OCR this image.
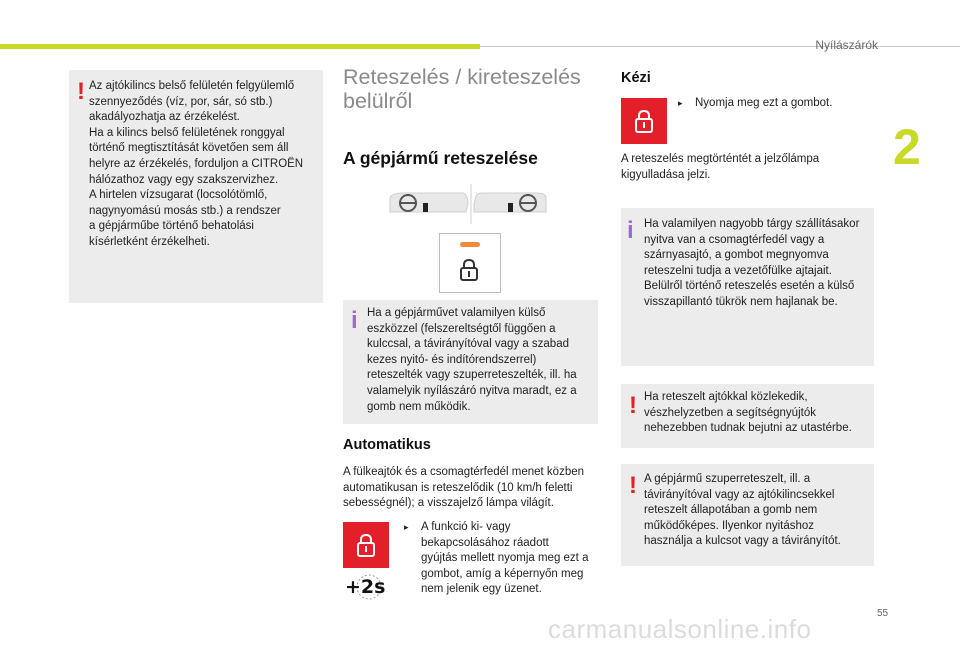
Nyílászárók
2
55
carmanualsonline.info
! Az ajtókilincs belső felületén felgyülemlő

szennyeződés (víz, por, sár, só stb.)

akadályozhatja az érzékelést.

Ha a kilincs belső felületének ronggyal

történő megtisztítását követően sem áll

helyre az érzékelés, forduljon a CITROËN

hálózathoz vagy egy szakszervizhez.

A hirtelen vízsugarat (locsolótömlő,

nagynyomású mosás stb.) a rendszer

a gépjárműbe történő behatolási

kísérletként érzékelheti.

Reteszelés / kireteszelés
belülről
A gépjármű reteszelése
i Ha a gépjárművet valamilyen külső

eszközzel (felszereltségtől függően a

kulccsal, a távirányítóval vagy a szabad

kezes nyitó- és indítórendszerrel)

reteszelték vagy szuperreteszelték, ill. ha

valamelyik nyílászáró nyitva maradt, ez a

gomb nem működik.

Automatikus
A fülkeajtók és a csomagtérfedél menet közben
automatikusan is reteszelődik (10 km/h feletti
sebességnél); a visszajelző lámpa világít.
+2s
▸ A funkció ki- vagy
bekapcsolásához ráadott
gyújtás mellett nyomja meg ezt a
gombot, amíg a képernyőn meg
nem jelenik egy üzenet.
Kézi
▸ Nyomja meg ezt a gombot.
A reteszelés megtörténtét a jelzőlámpa
kigyulladása jelzi.
i Ha valamilyen nagyobb tárgy szállításakor

nyitva van a csomagtérfedél vagy a

szárnyasajtó, a gombot megnyomva

reteszelni tudja a vezetőfülke ajtajait.

Belülről történő reteszelés esetén a külső

visszapillantó tükrök nem hajlanak be.

! Ha reteszelt ajtókkal közlekedik,

vészhelyzetben a segítségnyújtók

nehezebben tudnak bejutni az utastérbe.

! A gépjármű szuperreteszelt, ill. a

távirányítóval vagy az ajtókilincsekkel

reteszelt állapotában a gomb nem

működőképes. Ilyenkor nyitáshoz

használja a kulcsot vagy a távirányítót.
